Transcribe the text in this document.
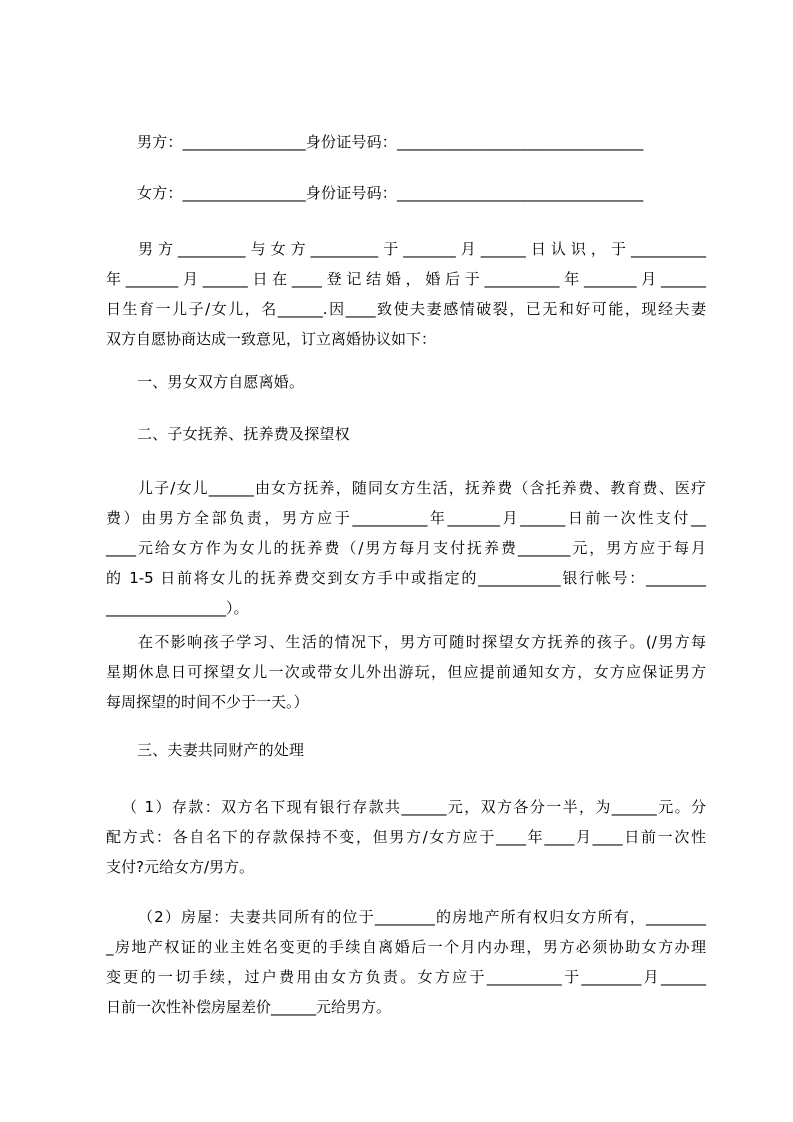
男方：________________身份证号码：________________________________
女方：________________身份证号码：________________________________
男方_________与女方_________于_______月______日认识，于__________
年_______月______日在____登记结婚，婚后于__________年_______月______
日生育一儿子/女儿，名______.因____致使夫妻感情破裂，已无和好可能，现经夫妻
双方自愿协商达成一致意见，订立离婚协议如下：
一、男女双方自愿离婚。
二、子女抚养、抚养费及探望权
儿子/女儿______由女方抚养，随同女方生活，抚养费（含托养费、教育费、医疗
费）由男方全部负责，男方应于__________年_______月______日前一次性支付__
____元给女方作为女儿的抚养费（/男方每月支付抚养费_______元，男方应于每月
的 1-5 日前将女儿的抚养费交到女方手中或指定的___________银行帐号：________
________________）。
在不影响孩子学习、生活的情况下，男方可随时探望女方抚养的孩子。(/男方每
星期休息日可探望女儿一次或带女儿外出游玩，但应提前通知女方，女方应保证男方
每周探望的时间不少于一天。）
三、夫妻共同财产的处理
（ 1）存款：双方名下现有银行存款共______元，双方各分一半，为______元。分
配方式：各自名下的存款保持不变，但男方/女方应于____年____月____日前一次性
支付?元给女方/男方。
（2）房屋：夫妻共同所有的位于________的房地产所有权归女方所有，________
_房地产权证的业主姓名变更的手续自离婚后一个月内办理，男方必须协助女方办理
变更的一切手续，过户费用由女方负责。女方应于__________于________月______
日前一次性补偿房屋差价______元给男方。
